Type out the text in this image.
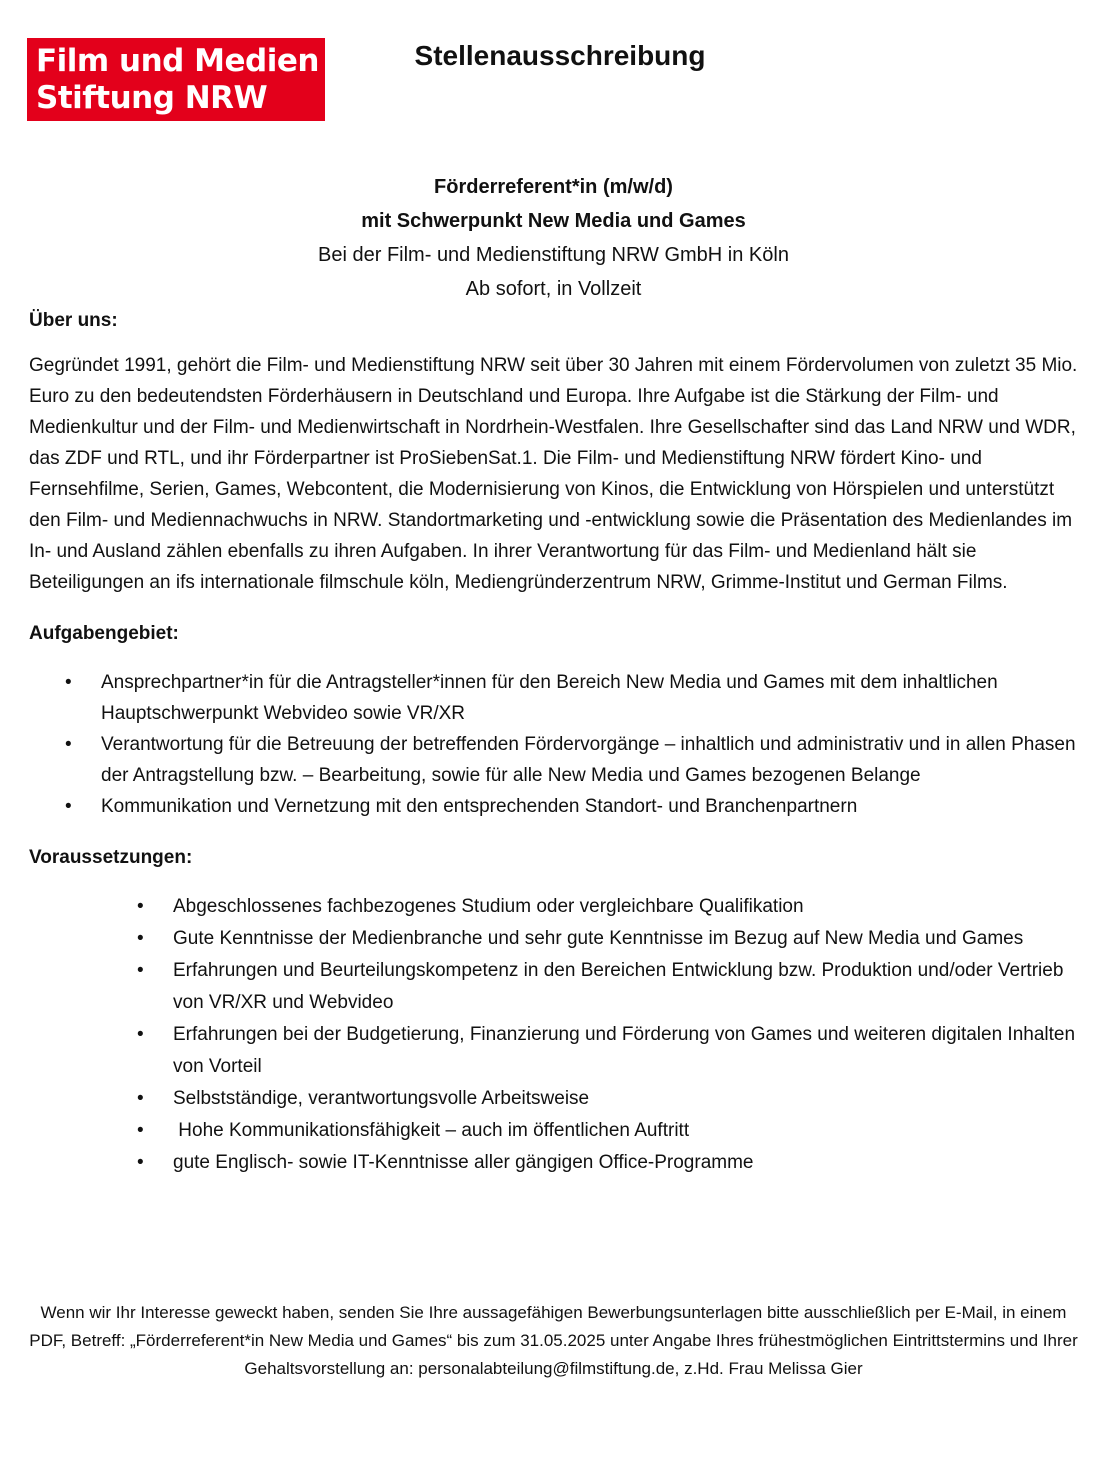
Film und Medien
Stiftung NRW
Stellenausschreibung
Förderreferent*in (m/w/d)
mit Schwerpunkt New Media und Games
Bei der Film- und Medienstiftung NRW GmbH in Köln
Ab sofort, in Vollzeit
Über uns:

Gegründet 1991, gehört die Film- und Medienstiftung NRW seit über 30 Jahren mit einem Fördervolumen von zuletzt 35 Mio. Euro zu den bedeutendsten Förderhäusern in Deutschland und Europa. Ihre Aufgabe ist die Stärkung der Film- und Medienkultur und der Film- und Medienwirtschaft in Nordrhein-Westfalen. Ihre Gesellschafter sind das Land NRW und WDR, das ZDF und RTL, und ihr Förderpartner ist ProSiebenSat.1. Die Film- und Medienstiftung NRW fördert Kino- und Fernsehfilme, Serien, Games, Webcontent, die Modernisierung von Kinos, die Entwicklung von Hörspielen und unterstützt den Film- und Mediennachwuchs in NRW. Standortmarketing und -entwicklung sowie die Präsentation des Medienlandes im In- und Ausland zählen ebenfalls zu ihren Aufgaben. In ihrer Verantwortung für das Film- und Medienland hält sie Beteiligungen an ifs internationale filmschule köln, Mediengründerzentrum NRW, Grimme-Institut und German Films.

Aufgabengebiet:
• Ansprechpartner*in für die Antragsteller*innen für den Bereich New Media und Games mit dem inhaltlichen Hauptschwerpunkt Webvideo sowie VR/XR
• Verantwortung für die Betreuung der betreffenden Fördervorgänge – inhaltlich und administrativ und in allen Phasen der Antragstellung bzw. – Bearbeitung, sowie für alle New Media und Games bezogenen Belange
• Kommunikation und Vernetzung mit den entsprechenden Standort- und Branchenpartnern
Voraussetzungen:
• Abgeschlossenes fachbezogenes Studium oder vergleichbare Qualifikation
• Gute Kenntnisse der Medienbranche und sehr gute Kenntnisse im Bezug auf New Media und Games
• Erfahrungen und Beurteilungskompetenz in den Bereichen Entwicklung bzw. Produktion und/oder Vertrieb von VR/XR und Webvideo
• Erfahrungen bei der Budgetierung, Finanzierung und Förderung von Games und weiteren digitalen Inhalten von Vorteil
• Selbstständige, verantwortungsvolle Arbeitsweise
• Hohe Kommunikationsfähigkeit – auch im öffentlichen Auftritt
• gute Englisch- sowie IT-Kenntnisse aller gängigen Office-Programme
Wenn wir Ihr Interesse geweckt haben, senden Sie Ihre aussagefähigen Bewerbungsunterlagen bitte ausschließlich per E-Mail, in einem PDF, Betreff: „Förderreferent*in New Media und Games“ bis zum 31.05.2025 unter Angabe Ihres frühestmöglichen Eintrittstermins und Ihrer Gehaltsvorstellung an: personalabteilung@filmstiftung.de, z.Hd. Frau Melissa Gier
